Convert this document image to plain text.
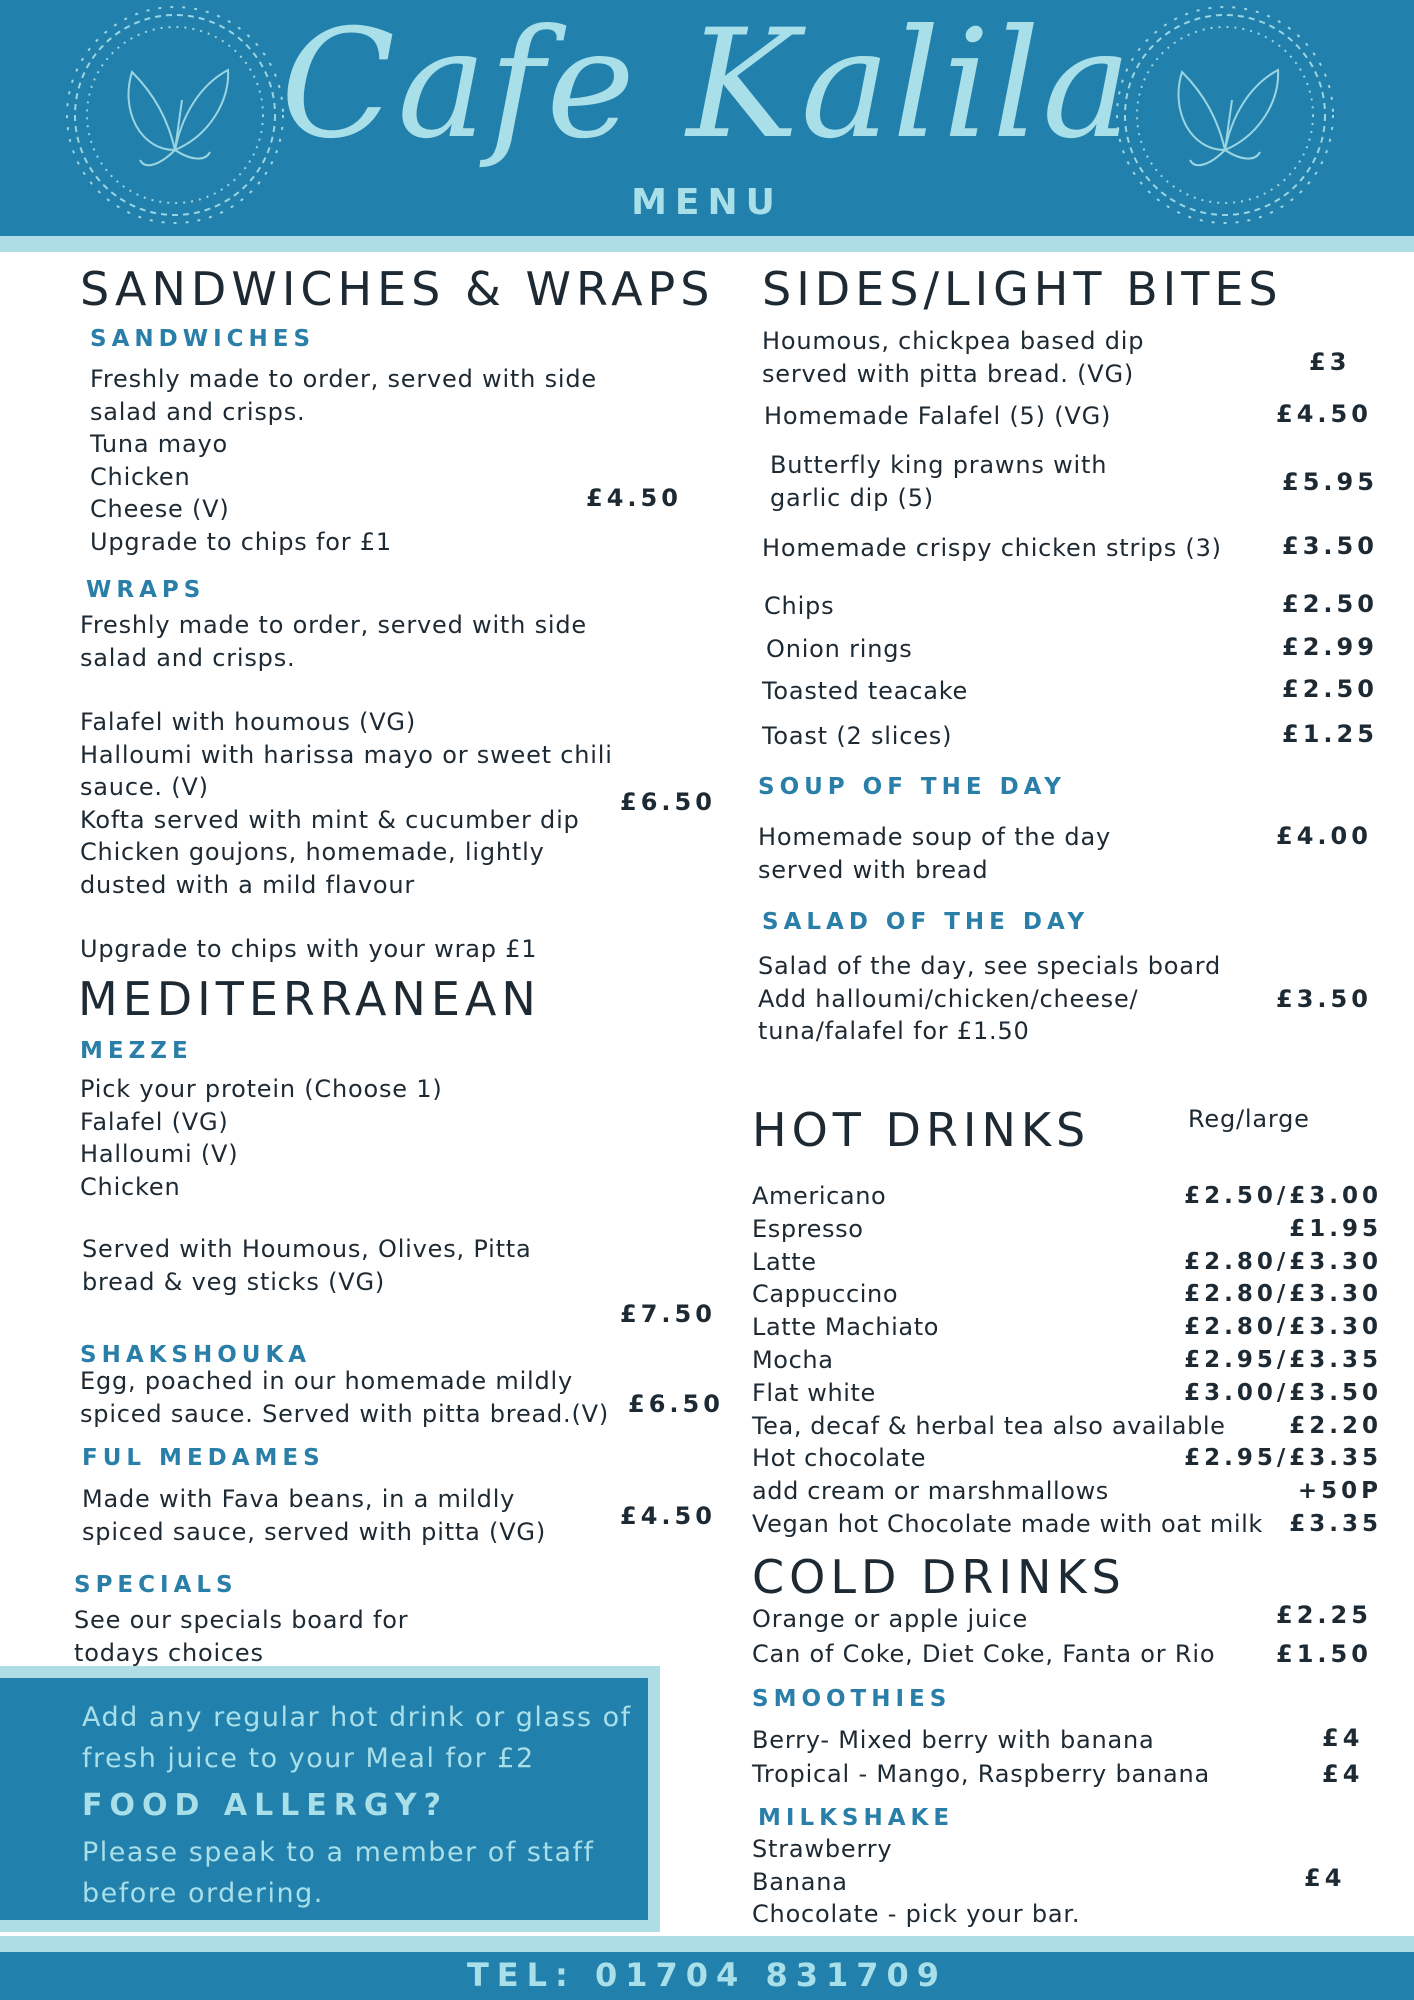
Cafe Kalila
MENU
SANDWICHES & WRAPS
SANDWICHES
Freshly made to order, served with side
salad and crisps.
Tuna mayo
Chicken
Cheese (V)
Upgrade to chips for £1
£4.50
WRAPS
Freshly made to order, served with side
salad and crisps.
Falafel with houmous (VG)
Halloumi with harissa mayo or sweet chili
sauce. (V)
Kofta served with mint & cucumber dip
Chicken goujons, homemade, lightly
dusted with a mild flavour
£6.50
Upgrade to chips with your wrap £1
MEDITERRANEAN
MEZZE
Pick your protein (Choose 1)
Falafel (VG)
Halloumi (V)
Chicken
Served with Houmous, Olives, Pitta
bread & veg sticks (VG)
£7.50
SHAKSHOUKA
Egg, poached in our homemade mildly
spiced sauce. Served with pitta bread.(V) £6.50
FUL MEDAMES
Made with Fava beans, in a mildly
spiced sauce, served with pitta (VG)
£4.50
SPECIALS
See our specials board for
todays choices
Add any regular hot drink or glass of
fresh juice to your Meal for £2
FOOD ALLERGY?
Please speak to a member of staff
before ordering.
SIDES/LIGHT BITES
Houmous, chickpea based dip
served with pitta bread. (VG)	£3
Homemade Falafel (5) (VG)	£4.50
Butterfly king prawns with
garlic dip (5)
£5.95
Homemade crispy chicken strips (3)	£3.50
Chips	£2.50
Onion rings	£2.99
Toasted teacake	£2.50
Toast (2 slices)	£1.25
SOUP OF THE DAY
Homemade soup of the day
served with bread
£4.00
SALAD OF THE DAY
Salad of the day, see specials board
Add halloumi/chicken/cheese/
tuna/falafel for £1.50
£3.50
HOT DRINKS	Reg/large
Americano	£2.50/£3.00
Espresso	£1.95
Latte	£2.80/£3.30
Cappuccino	£2.80/£3.30
Latte Machiato	£2.80/£3.30
Mocha	£2.95/£3.35
Flat white	£3.00/£3.50
Tea, decaf & herbal tea also available	£2.20
Hot chocolate	£2.95/£3.35
add cream or marshmallows	+50P
Vegan hot Chocolate made with oat milk £3.35
COLD DRINKS
Orange or apple juice	£2.25
Can of Coke, Diet Coke, Fanta or Rio	£1.50
SMOOTHIES
Berry- Mixed berry with banana	£4
Tropical - Mango, Raspberry banana	£4
MILKSHAKE
Strawberry
Banana
Chocolate - pick your bar.
£4
TEL: 01704 831709
